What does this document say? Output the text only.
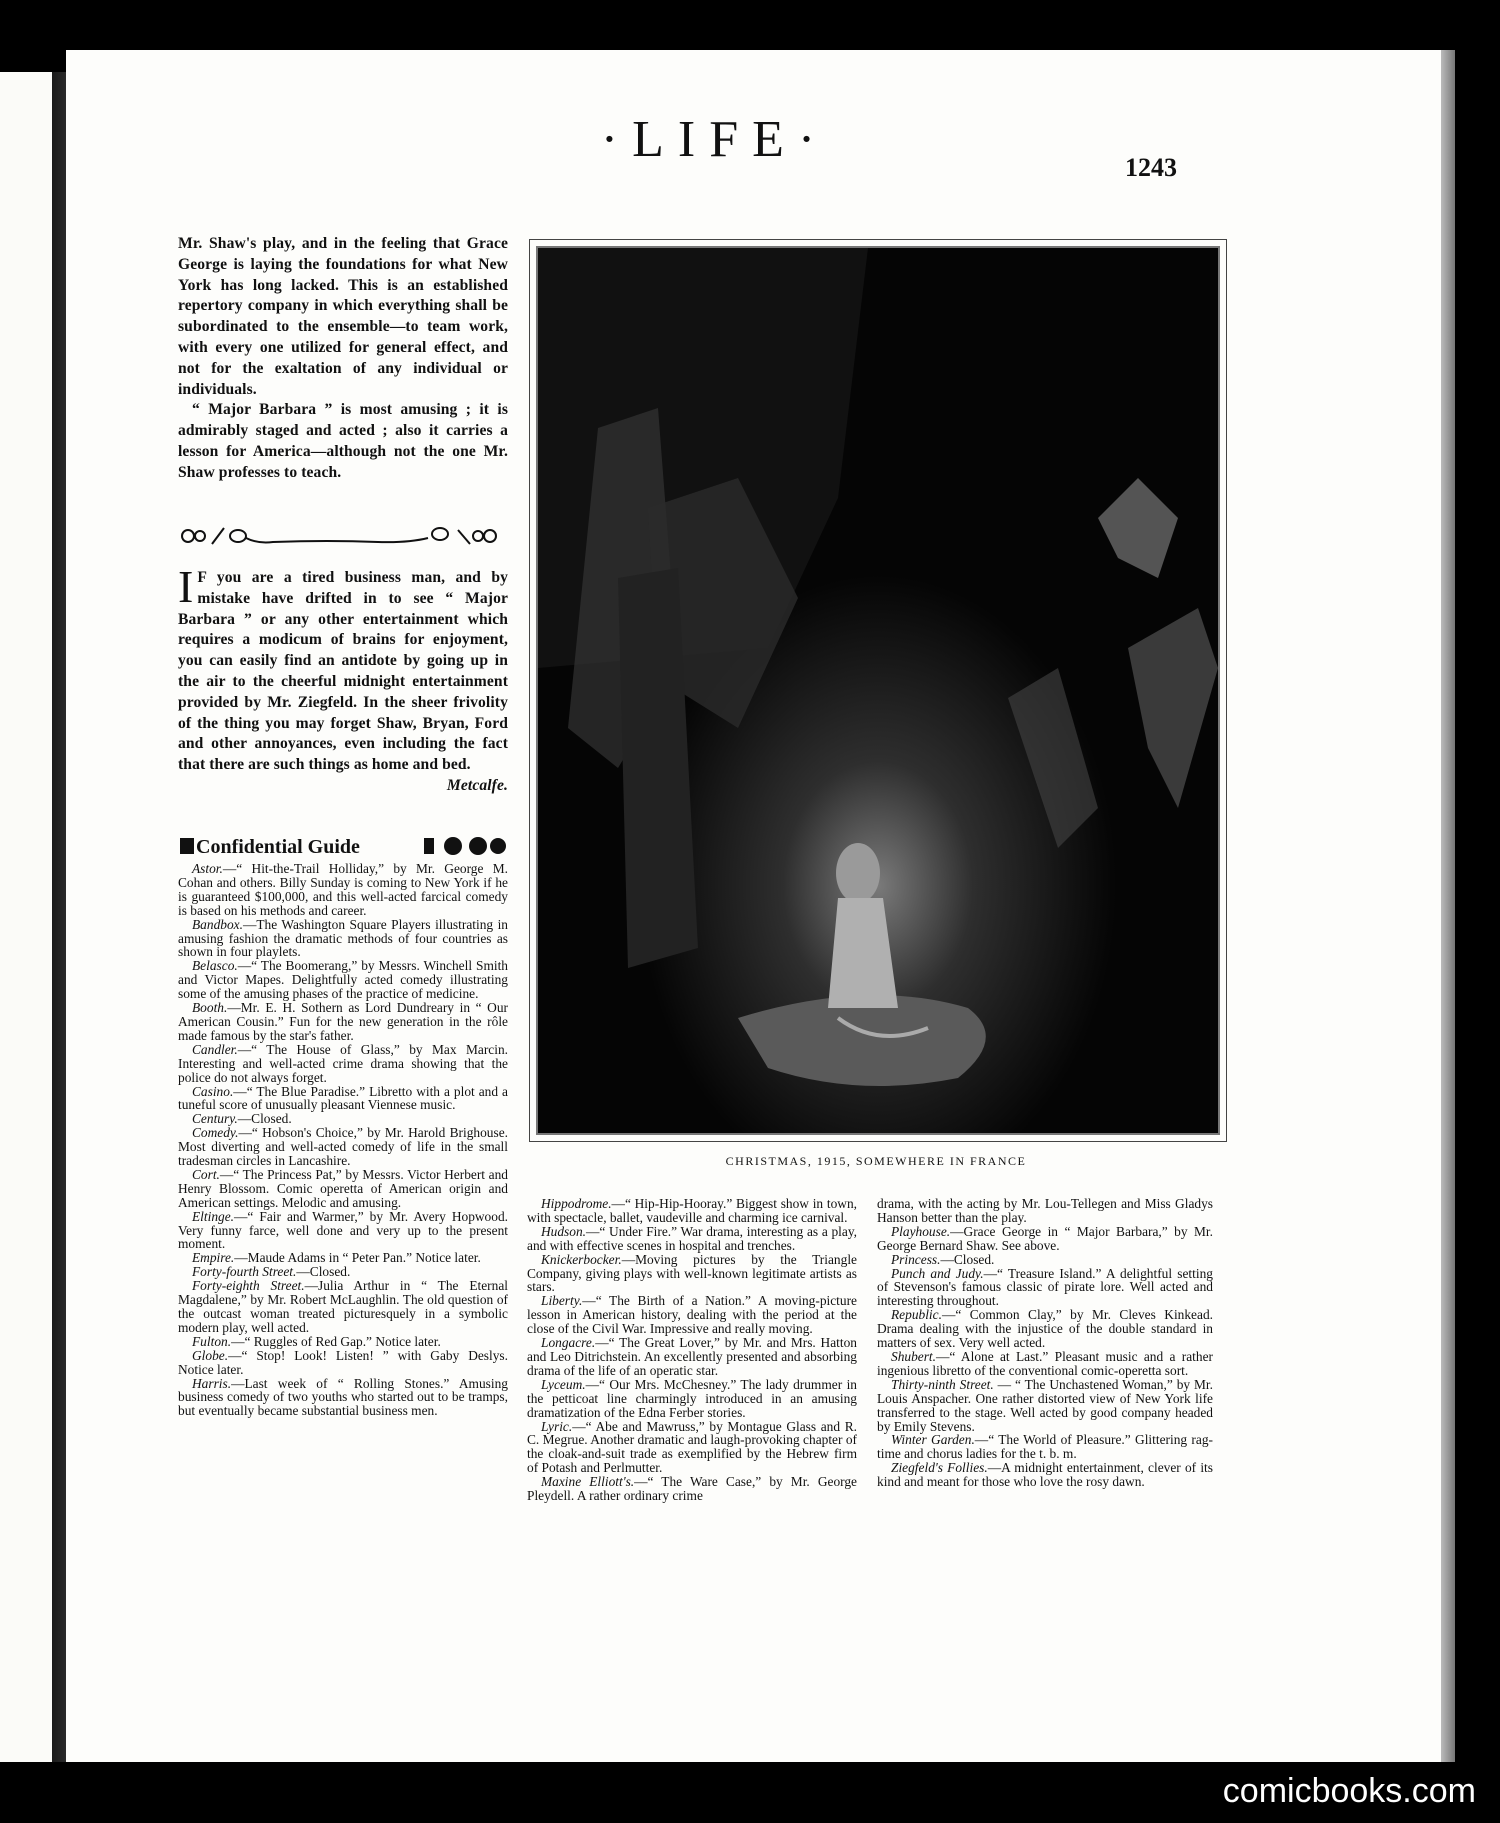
·LIFE·	1243

Mr. Shaw's play, and in the feeling that Grace George is laying the foundations for what New York has long lacked. This is an established repertory company in which everything shall be subordinated to the ensemble—to team work, with every one utilized for general effect, and not for the exaltation of any individual or individuals.

“ Major Barbara ” is most amusing ; it is admirably staged and acted ; also it carries a lesson for America—although not the one Mr. Shaw professes to teach.

I F you are a tired business man, and by mistake have drifted in to see “ Major Barbara ” or any other entertainment which requires a modicum of brains for enjoyment, you can easily find an antidote by going up in the air to the cheerful midnight entertainment provided by Mr. Ziegfeld. In the sheer frivolity of the thing you may forget Shaw, Bryan, Ford and other annoyances, even including the fact that there are such things as home and bed.
Metcalfe.

Confidential Guide

Astor.—“ Hit-the-Trail Holliday,” by Mr. George M. Cohan and others. Billy Sunday is coming to New York if he is guaranteed $100,000, and this well-acted farcical comedy is based on his methods and career.

Bandbox.—The Washington Square Players illustrating in amusing fashion the dramatic methods of four countries as shown in four playlets.

Belasco.—“ The Boomerang,” by Messrs. Winchell Smith and Victor Mapes. Delightfully acted comedy illustrating some of the amusing phases of the practice of medicine.

Booth.—Mr. E. H. Sothern as Lord Dundreary in “ Our American Cousin.” Fun for the new generation in the rôle made famous by the star's father.

Candler.—“ The House of Glass,” by Max Marcin. Interesting and well-acted crime drama showing that the police do not always forget.

Casino.—“ The Blue Paradise.” Libretto with a plot and a tuneful score of unusually pleasant Viennese music.

Century.—Closed.

Comedy.—“ Hobson's Choice,” by Mr. Harold Brighouse. Most diverting and well-acted comedy of life in the small tradesman circles in Lancashire.

Cort.—“ The Princess Pat,” by Messrs. Victor Herbert and Henry Blossom. Comic operetta of American origin and American settings. Melodic and amusing.

Eltinge.—“ Fair and Warmer,” by Mr. Avery Hopwood. Very funny farce, well done and very up to the present moment.

Empire.—Maude Adams in “ Peter Pan.” Notice later.

Forty-fourth Street.—Closed.

Forty-eighth Street.—Julia Arthur in “ The Eternal Magdalene,” by Mr. Robert McLaughlin. The old question of the outcast woman treated picturesquely in a symbolic modern play, well acted.

Fulton.—“ Ruggles of Red Gap.” Notice later.

Globe.—“ Stop! Look! Listen! ” with Gaby Deslys. Notice later.

Harris.—Last week of “ Rolling Stones.” Amusing business comedy of two youths who started out to be tramps, but eventually became substantial business men.

CHRISTMAS, 1915, SOMEWHERE IN FRANCE

Hippodrome.—“ Hip-Hip-Hooray.” Biggest show in town, with spectacle, ballet, vaudeville and charming ice carnival.

Hudson.—“ Under Fire.” War drama, interesting as a play, and with effective scenes in hospital and trenches.

Knickerbocker.—Moving pictures by the Triangle Company, giving plays with well-known legitimate artists as stars.

Liberty.—“ The Birth of a Nation.” A moving-picture lesson in American history, dealing with the period at the close of the Civil War. Impressive and really moving.

Longacre.—“ The Great Lover,” by Mr. and Mrs. Hatton and Leo Ditrichstein. An excellently presented and absorbing drama of the life of an operatic star.

Lyceum.—“ Our Mrs. McChesney.” The lady drummer in the petticoat line charmingly introduced in an amusing dramatization of the Edna Ferber stories.

Lyric.—“ Abe and Mawruss,” by Montague Glass and R. C. Megrue. Another dramatic and laugh-provoking chapter of the cloak-and-suit trade as exemplified by the Hebrew firm of Potash and Perlmutter.

Maxine Elliott's.—“ The Ware Case,” by Mr. George Pleydell. A rather ordinary crime

drama, with the acting by Mr. Lou-Tellegen and Miss Gladys Hanson better than the play.

Playhouse.—Grace George in “ Major Barbara,” by Mr. George Bernard Shaw. See above.

Princess.—Closed.

Punch and Judy.—“ Treasure Island.” A delightful setting of Stevenson's famous classic of pirate lore. Well acted and interesting throughout.

Republic.—“ Common Clay,” by Mr. Cleves Kinkead. Drama dealing with the injustice of the double standard in matters of sex. Very well acted.

Shubert.—“ Alone at Last.” Pleasant music and a rather ingenious libretto of the conventional comic-operetta sort.

Thirty-ninth Street. — “ The Unchastened Woman,” by Mr. Louis Anspacher. One rather distorted view of New York life transferred to the stage. Well acted by good company headed by Emily Stevens.

Winter Garden.—“ The World of Pleasure.” Glittering rag-time and chorus ladies for the t. b. m.

Ziegfeld's Follies.—A midnight entertainment, clever of its kind and meant for those who love the rosy dawn.

comicbooks.com
